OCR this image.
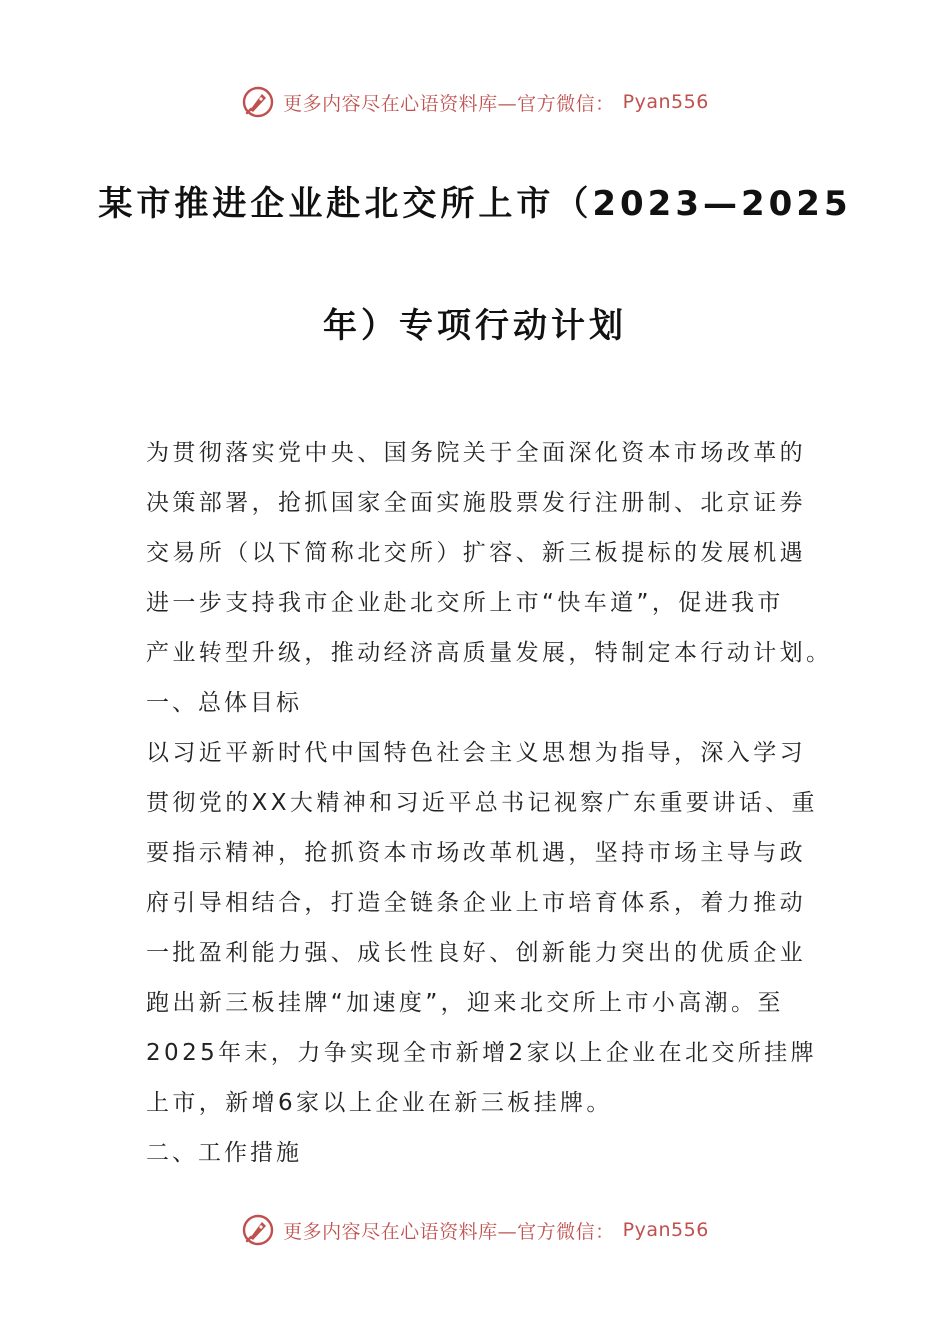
更多内容尽在心语资料库—官方微信： Pyan556
某市推进企业赴北交所上市（2023—2025
年）专项行动计划
为贯彻落实党中央、国务院关于全面深化资本市场改革的
决策部署，抢抓国家全面实施股票发行注册制、北京证券
交易所（以下简称北交所）扩容、新三板提标的发展机遇
进一步支持我市企业赴北交所上市“快车道”，促进我市
产业转型升级，推动经济高质量发展，特制定本行动计划。
一、总体目标
以习近平新时代中国特色社会主义思想为指导，深入学习
贯彻党的XX大精神和习近平总书记视察广东重要讲话、重
要指示精神，抢抓资本市场改革机遇，坚持市场主导与政
府引导相结合，打造全链条企业上市培育体系，着力推动
一批盈利能力强、成长性良好、创新能力突出的优质企业
跑出新三板挂牌“加速度”，迎来北交所上市小高潮。至
2025年末，力争实现全市新增2家以上企业在北交所挂牌
上市，新增6家以上企业在新三板挂牌。
二、工作措施
更多内容尽在心语资料库—官方微信： Pyan556
